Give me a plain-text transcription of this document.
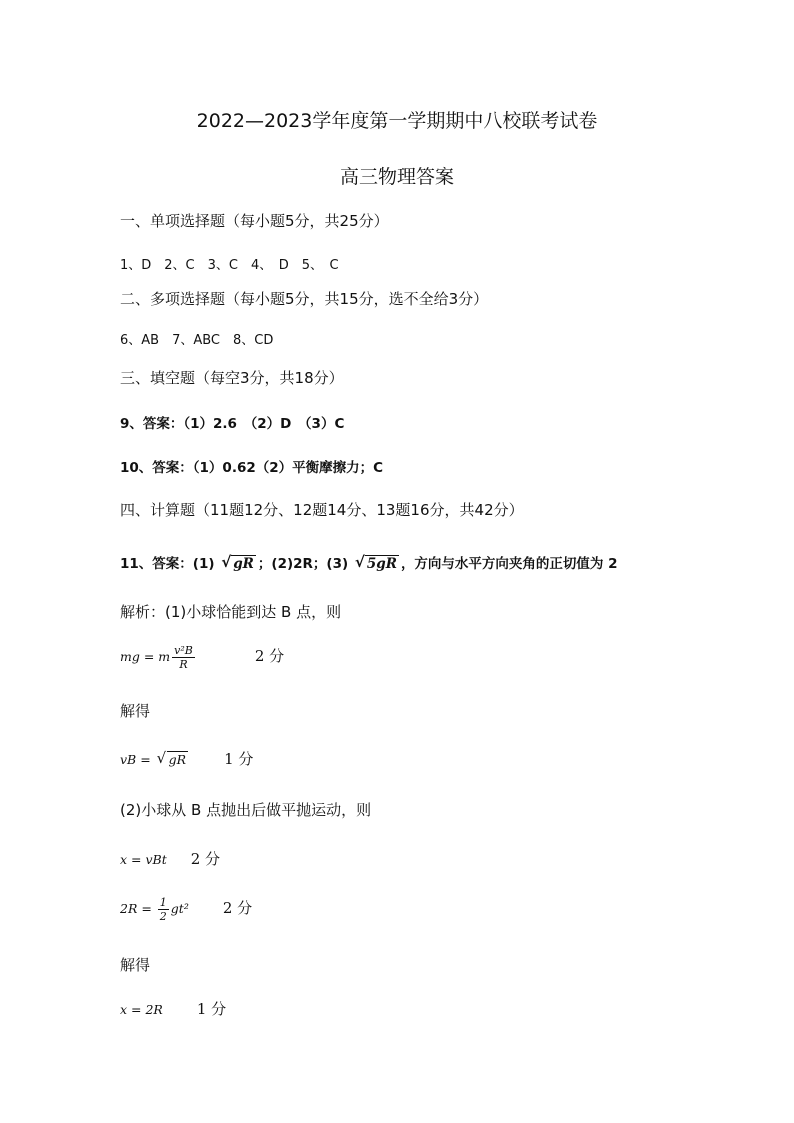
2022—2023学年度第一学期期中八校联考试卷
高三物理答案
一、单项选择题（每小题5分，共25分）
1、D　2、C　3、C　4、　D　5、　C
二、多项选择题（每小题5分，共15分，选不全给3分）
6、AB　7、ABC　8、CD
三、填空题（每空3分，共18分）
9、答案：（1）2.6　（2）D　（3）C
10、答案：（1）0.62（2）平衡摩擦力；C
四、计算题（11题12分、12题14分、13题16分，共42分）
11、答案：(1) √ gR ；(2)2R；(3) √ 5gR ，方向与水平方向夹角的正切值为 2
解析：(1)小球恰能到达 B 点，则
mg = m $\frac{\text{v²B}}{R}$	2 分
解得
vB = √ gR	1 分
(2)小球从 B 点抛出后做平抛运动，则
x = vBt 2 分
$2R = \frac{1}{2} gt^2$ 2 分
解得
x = 2R 1 分
